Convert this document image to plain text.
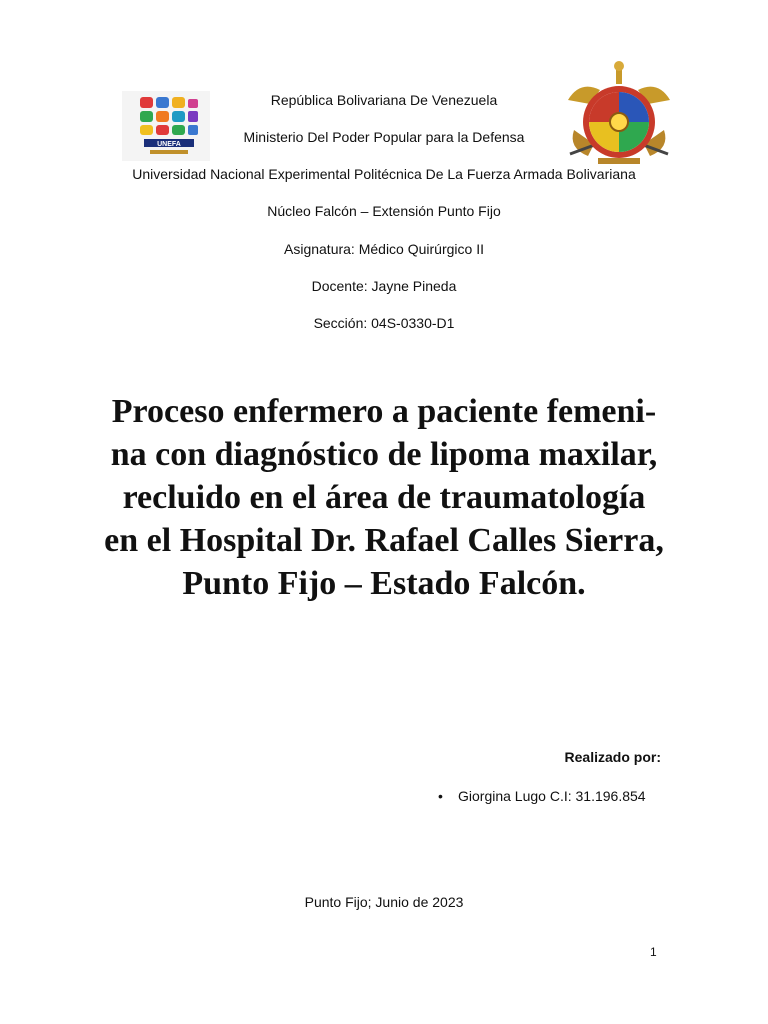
UNEFA
República Bolivariana De Venezuela
Ministerio Del Poder Popular para la Defensa
Universidad Nacional Experimental Politécnica De La Fuerza Armada Bolivariana
Núcleo Falcón – Extensión Punto Fijo
Asignatura: Médico Quirúrgico II
Docente: Jayne Pineda
Sección: 04S-0330-D1
Proceso enfermero a paciente femeni-
na con diagnóstico de lipoma maxilar,
recluido en el área de traumatología
en el Hospital Dr. Rafael Calles Sierra,
Punto Fijo – Estado Falcón.
Realizado por:
• Giorgina Lugo C.I: 31.196.854
Punto Fijo; Junio de 2023
1
